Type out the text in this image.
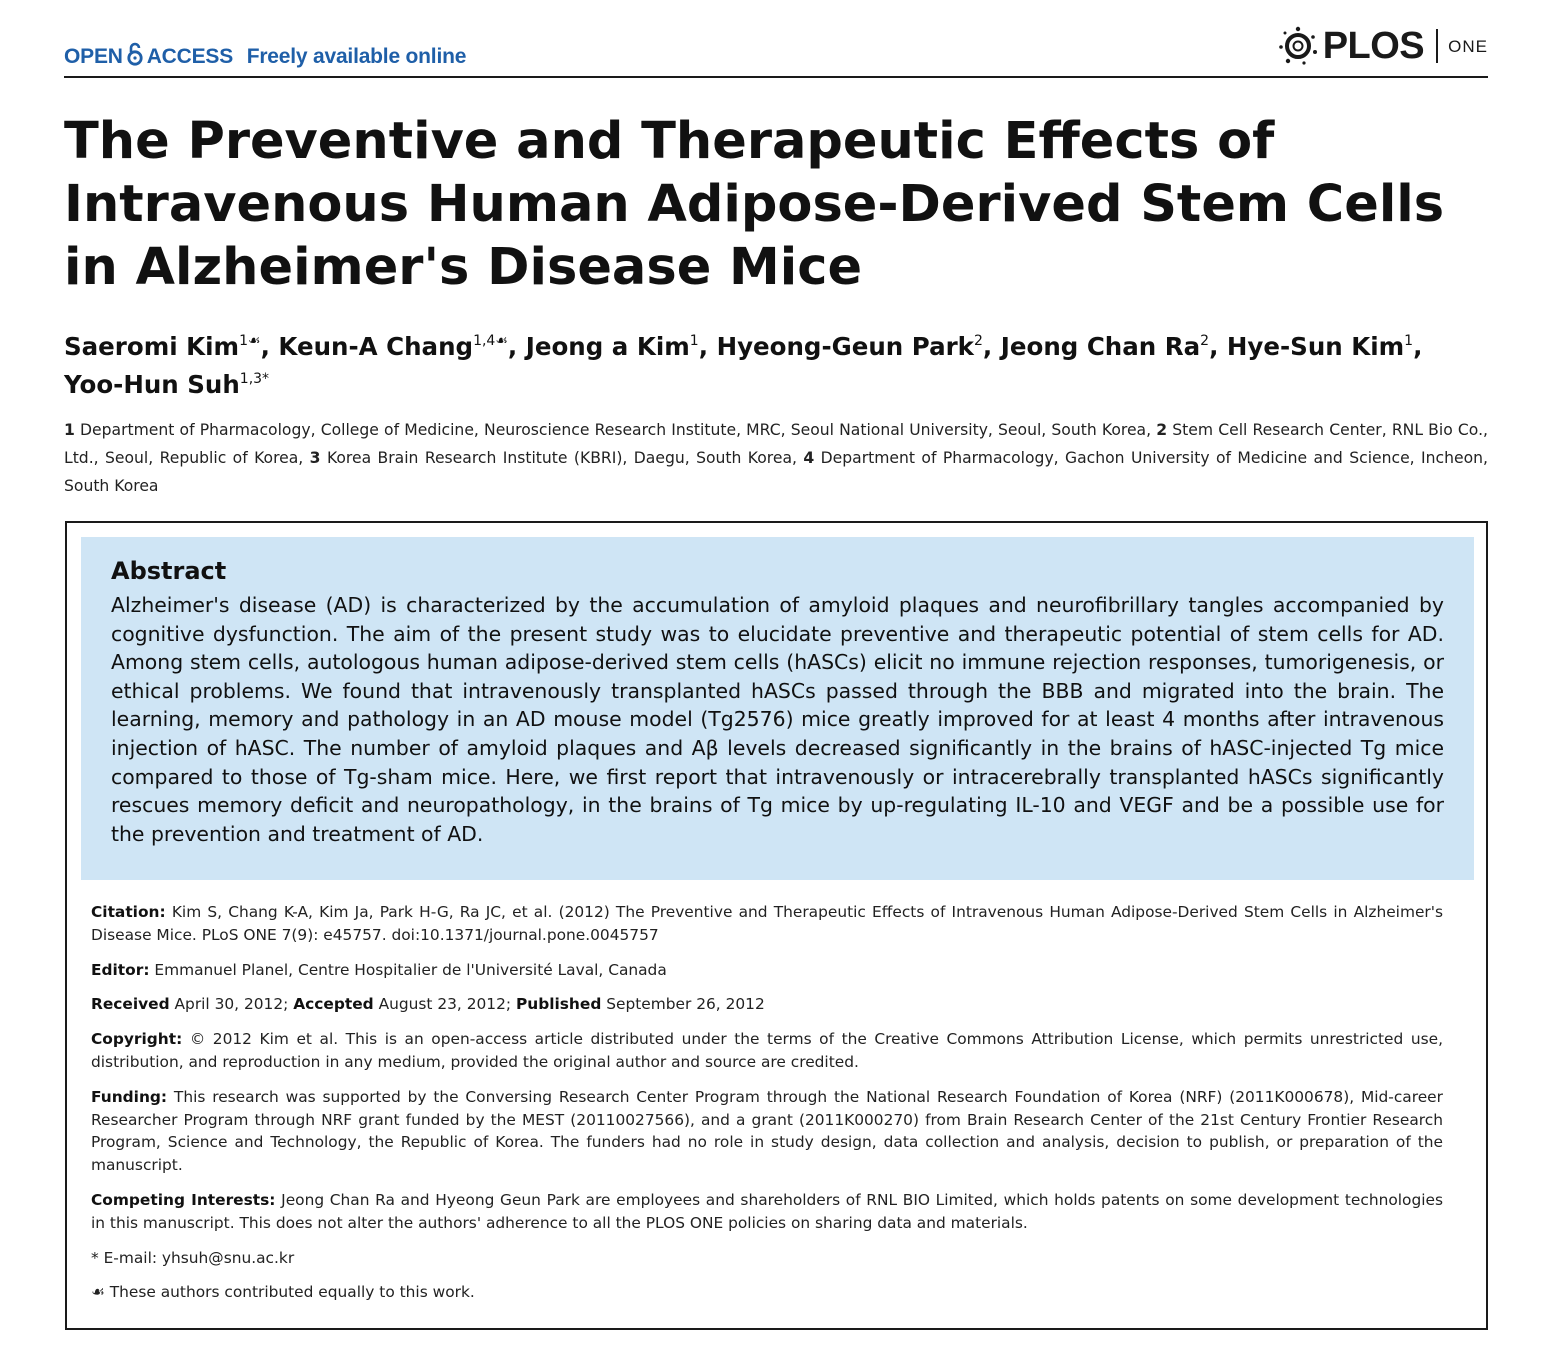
OPEN ACCESS Freely available online	PLOS ONE
The Preventive and Therapeutic Effects of Intravenous Human Adipose-Derived Stem Cells in Alzheimer's Disease Mice
Saeromi Kim$^{1☙}$, Keun-A Chang$^{1,4☙}$, Jeong a Kim$^1$, Hyeong-Geun Park$^2$, Jeong Chan Ra$^2$, Hye-Sun Kim$^1$, Yoo-Hun Suh$^{1,3*}$
1 Department of Pharmacology, College of Medicine, Neuroscience Research Institute, MRC, Seoul National University, Seoul, South Korea, 2 Stem Cell Research Center, RNL Bio Co., Ltd., Seoul, Republic of Korea, 3 Korea Brain Research Institute (KBRI), Daegu, South Korea, 4 Department of Pharmacology, Gachon University of Medicine and Science, Incheon, South Korea
Abstract

Alzheimer's disease (AD) is characterized by the accumulation of amyloid plaques and neurofibrillary tangles accompanied by cognitive dysfunction. The aim of the present study was to elucidate preventive and therapeutic potential of stem cells for AD. Among stem cells, autologous human adipose-derived stem cells (hASCs) elicit no immune rejection responses, tumorigenesis, or ethical problems. We found that intravenously transplanted hASCs passed through the BBB and migrated into the brain. The learning, memory and pathology in an AD mouse model (Tg2576) mice greatly improved for at least 4 months after intravenous injection of hASC. The number of amyloid plaques and Aβ levels decreased significantly in the brains of hASC-injected Tg mice compared to those of Tg-sham mice. Here, we first report that intravenously or intracerebrally transplanted hASCs significantly rescues memory deficit and neuropathology, in the brains of Tg mice by up-regulating IL-10 and VEGF and be a possible use for the prevention and treatment of AD.

Citation: Kim S, Chang K-A, Kim Ja, Park H-G, Ra JC, et al. (2012) The Preventive and Therapeutic Effects of Intravenous Human Adipose-Derived Stem Cells in Alzheimer's Disease Mice. PLoS ONE 7(9): e45757. doi:10.1371/journal.pone.0045757

Editor: Emmanuel Planel, Centre Hospitalier de l'Université Laval, Canada

Received April 30, 2012; Accepted August 23, 2012; Published September 26, 2012

Copyright: © 2012 Kim et al. This is an open-access article distributed under the terms of the Creative Commons Attribution License, which permits unrestricted use, distribution, and reproduction in any medium, provided the original author and source are credited.

Funding: This research was supported by the Conversing Research Center Program through the National Research Foundation of Korea (NRF) (2011K000678), Mid-career Researcher Program through NRF grant funded by the MEST (20110027566), and a grant (2011K000270) from Brain Research Center of the 21st Century Frontier Research Program, Science and Technology, the Republic of Korea. The funders had no role in study design, data collection and analysis, decision to publish, or preparation of the manuscript.

Competing Interests: Jeong Chan Ra and Hyeong Geun Park are employees and shareholders of RNL BIO Limited, which holds patents on some development technologies in this manuscript. This does not alter the authors' adherence to all the PLOS ONE policies on sharing data and materials.

* E-mail: yhsuh@snu.ac.kr

☙ These authors contributed equally to this work.
